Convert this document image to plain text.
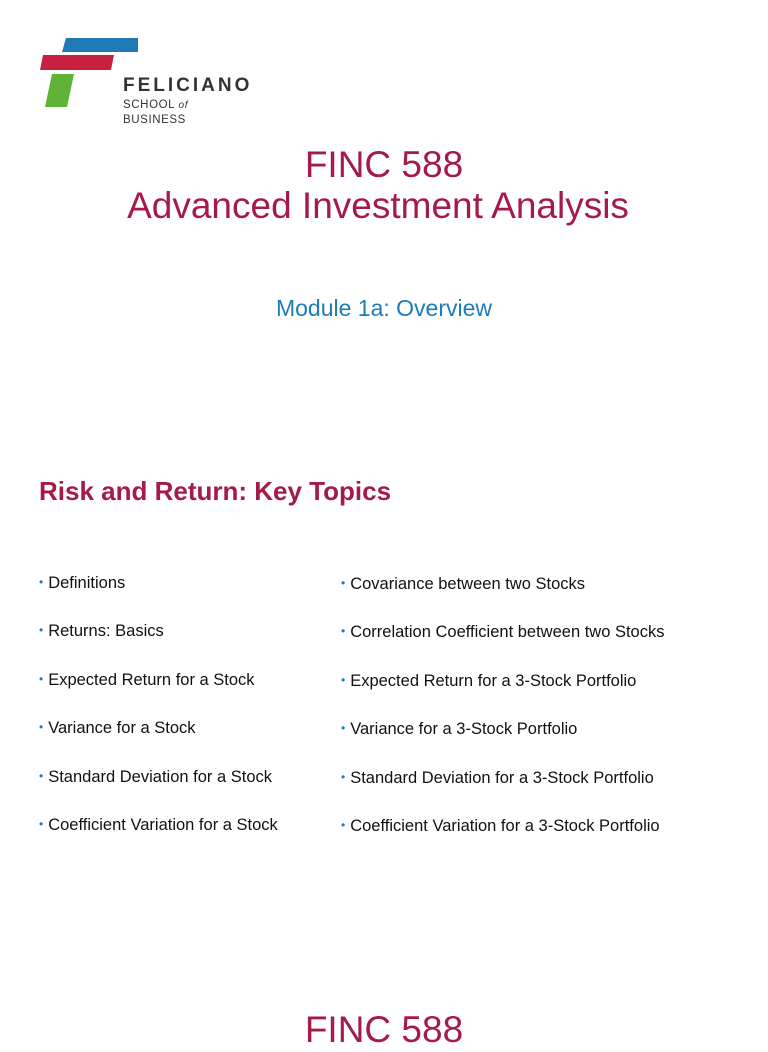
FELICIANO
SCHOOL of BUSINESS
FINC 588
Advanced Investment Analysis
Module 1a: Overview
Risk and Return: Key Topics
• Definitions
• Returns: Basics
• Expected Return for a Stock
• Variance for a Stock
• Standard Deviation for a Stock
• Coefficient Variation for a Stock
• Covariance between two Stocks
• Correlation Coefficient between two Stocks
• Expected Return for a 3-Stock Portfolio
• Variance for a 3-Stock Portfolio
• Standard Deviation for a 3-Stock Portfolio
• Coefficient Variation for a 3-Stock Portfolio
FINC 588
